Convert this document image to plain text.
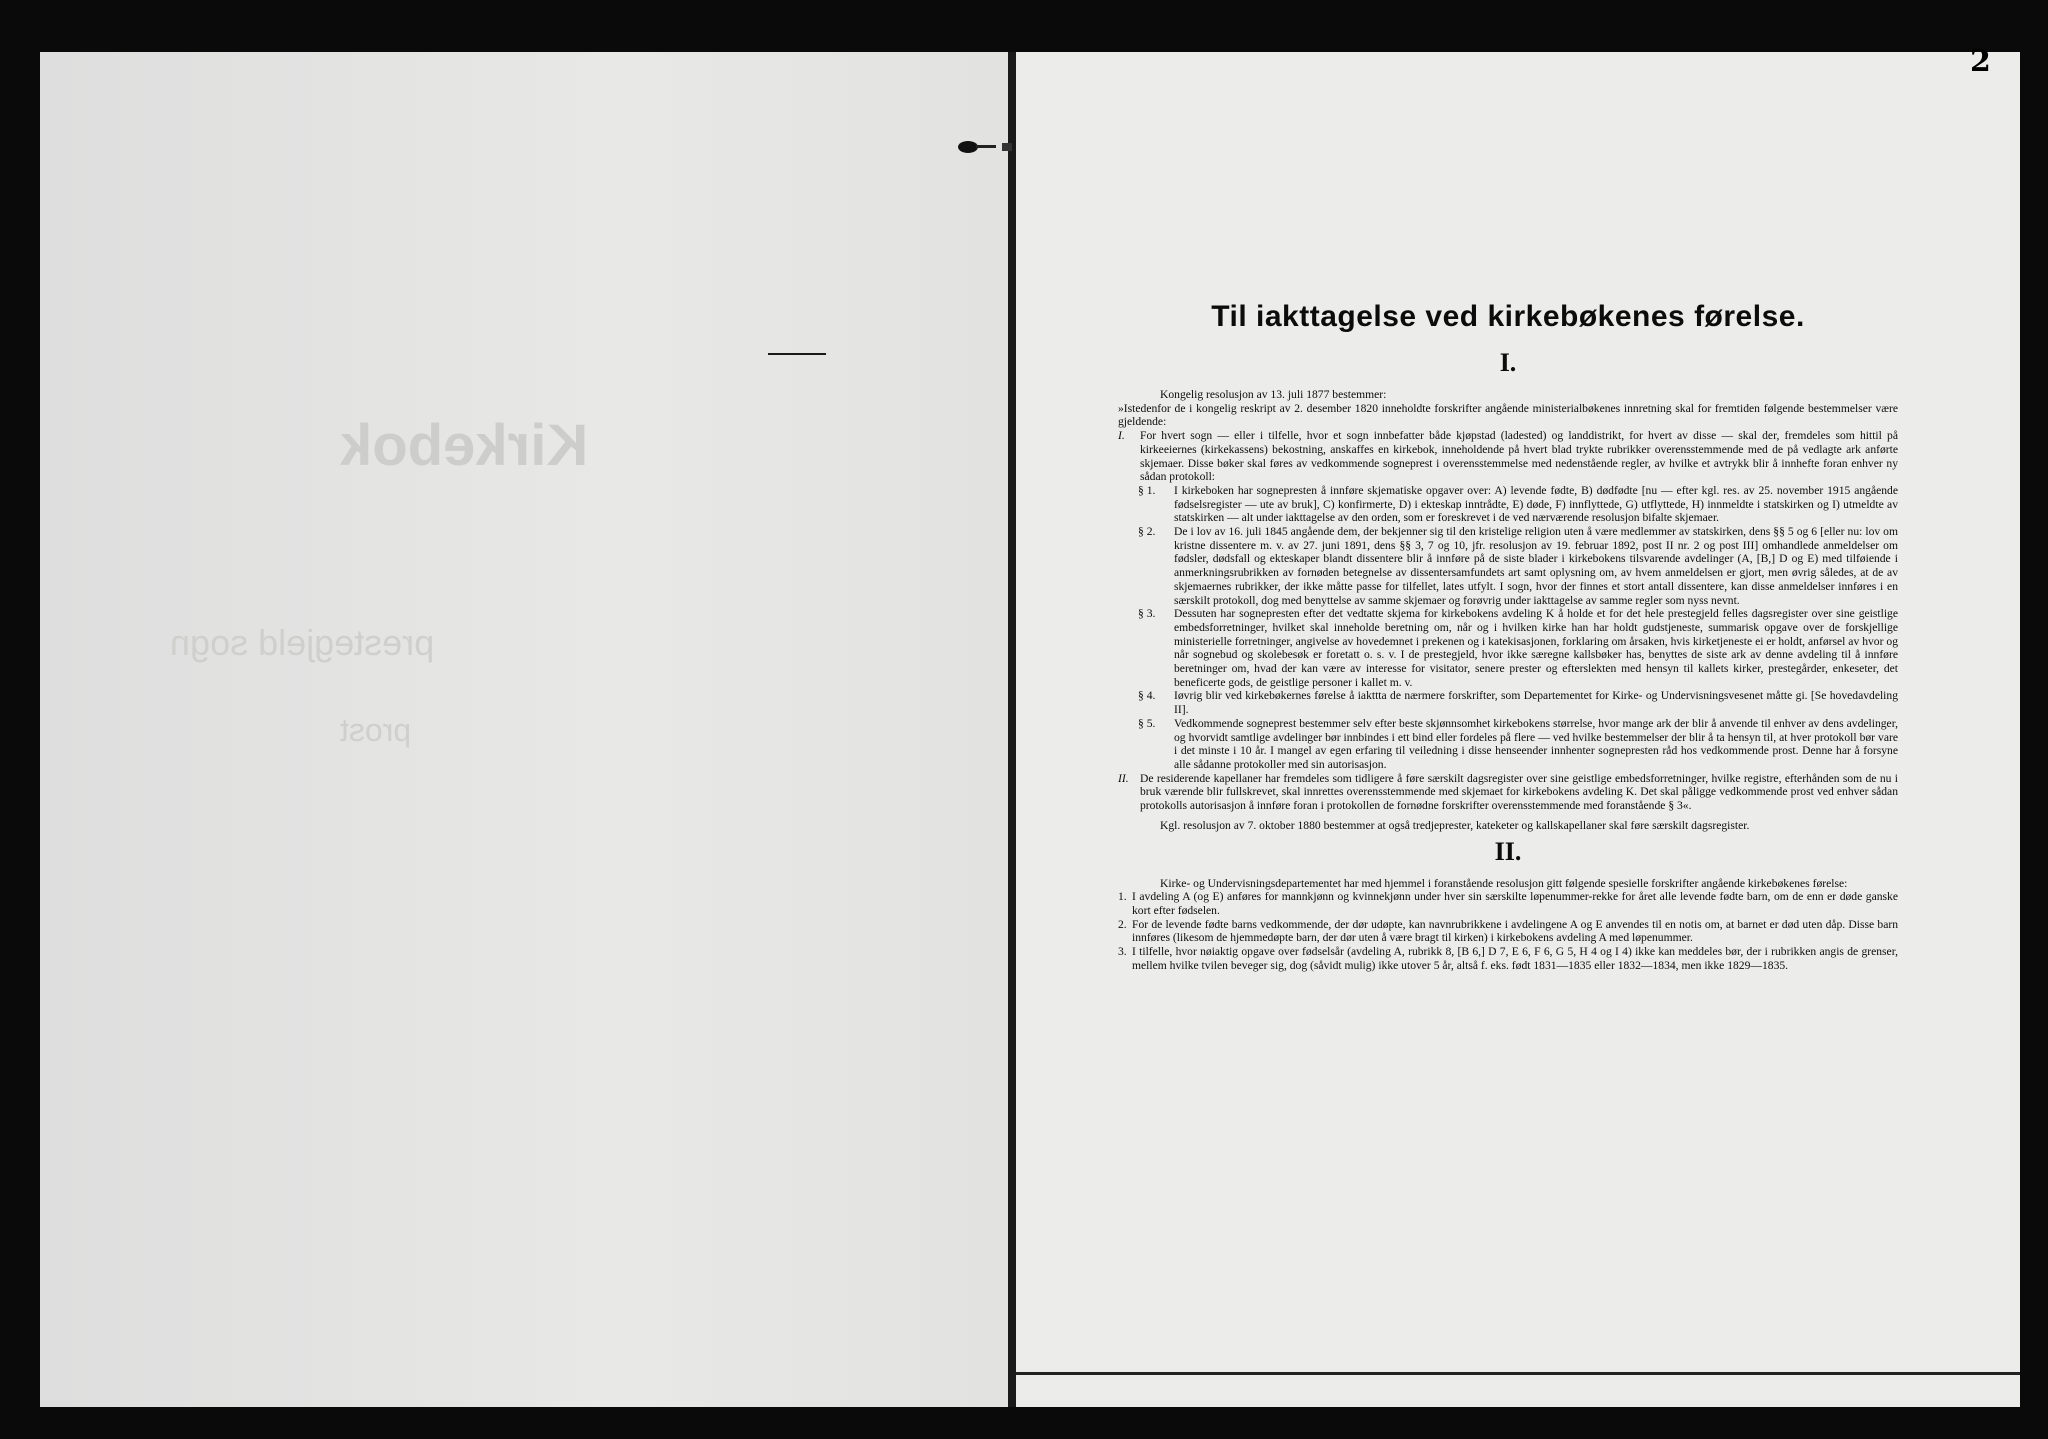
Kirkebok
prestegjeld sogn
prost
2
Til iakttagelse ved kirkebøkenes førelse.
I.

Kongelig resolusjon av 13. juli 1877 bestemmer:

»Istedenfor de i kongelig reskript av 2. desember 1820 inneholdte forskrifter angående ministerialbøkenes innretning skal for fremtiden følgende bestemmelser være gjeldende:

I.	For hvert sogn — eller i tilfelle, hvor et sogn innbefatter både kjøpstad (ladested) og landdistrikt, for hvert av disse — skal der, fremdeles som hittil på kirkeeiernes (kirkekassens) bekostning, anskaffes en kirkebok, inneholdende på hvert blad trykte rubrikker overensstemmende med de på vedlagte ark anførte skjemaer. Disse bøker skal føres av vedkommende sogneprest i overensstemmelse med nedenstående regler, av hvilke et avtrykk blir å innhefte foran enhver ny sådan protokoll:
§ 1.	I kirkeboken har sognepresten å innføre skjematiske opgaver over: A) levende fødte, B) dødfødte [nu — efter kgl. res. av 25. november 1915 angående fødselsregister — ute av bruk], C) konfirmerte, D) i ekteskap inntrådte, E) døde, F) innflyttede, G) utflyttede, H) innmeldte i statskirken og I) utmeldte av statskirken — alt under iakttagelse av den orden, som er foreskrevet i de ved nærværende resolusjon bifalte skjemaer.
§ 2.	De i lov av 16. juli 1845 angående dem, der bekjenner sig til den kristelige religion uten å være medlemmer av statskirken, dens §§ 5 og 6 [eller nu: lov om kristne dissentere m. v. av 27. juni 1891, dens §§ 3, 7 og 10, jfr. resolusjon av 19. februar 1892, post II nr. 2 og post III] omhandlede anmeldelser om fødsler, dødsfall og ekteskaper blandt dissentere blir å innføre på de siste blader i kirkebokens tilsvarende avdelinger (A, [B,] D og E) med tilføiende i anmerkningsrubrikken av fornøden betegnelse av dissentersamfundets art samt oplysning om, av hvem anmeldelsen er gjort, men øvrig således, at de av skjemaernes rubrikker, der ikke måtte passe for tilfellet, lates utfylt. I sogn, hvor der finnes et stort antall dissentere, kan disse anmeldelser innføres i en særskilt protokoll, dog med benyttelse av samme skjemaer og forøvrig under iakttagelse av samme regler som nyss nevnt.
§ 3.	Dessuten har sognepresten efter det vedtatte skjema for kirkebokens avdeling K å holde et for det hele prestegjeld felles dagsregister over sine geistlige embedsforretninger, hvilket skal inneholde beretning om, når og i hvilken kirke han har holdt gudstjeneste, summarisk opgave over de forskjellige ministerielle forretninger, angivelse av hovedemnet i prekenen og i katekisasjonen, forklaring om årsaken, hvis kirketjeneste ei er holdt, anførsel av hvor og når sognebud og skolebesøk er foretatt o. s. v. I de prestegjeld, hvor ikke særegne kallsbøker has, benyttes de siste ark av denne avdeling til å innføre beretninger om, hvad der kan være av interesse for visitator, senere prester og efterslekten med hensyn til kallets kirker, prestegårder, enkeseter, det beneficerte gods, de geistlige personer i kallet m. v.
§ 4.	Iøvrig blir ved kirkebøkernes førelse å iakttta de nærmere forskrifter, som Departementet for Kirke- og Undervisningsvesenet måtte gi. [Se hovedavdeling II].
§ 5.	Vedkommende sogneprest bestemmer selv efter beste skjønnsomhet kirkebokens størrelse, hvor mange ark der blir å anvende til enhver av dens avdelinger, og hvorvidt samtlige avdelinger bør innbindes i ett bind eller fordeles på flere — ved hvilke bestemmelser der blir å ta hensyn til, at hver protokoll bør vare i det minste i 10 år. I mangel av egen erfaring til veiledning i disse henseender innhenter sognepresten råd hos vedkommende prost. Denne har å forsyne alle sådanne protokoller med sin autorisasjon.
II. De residerende kapellaner har fremdeles som tidligere å føre særskilt dagsregister over sine geistlige embedsforretninger, hvilke registre, efterhånden som de nu i bruk værende blir fullskrevet, skal innrettes overensstemmende med skjemaet for kirkebokens avdeling K. Det skal påligge vedkommende prost ved enhver sådan protokolls autorisasjon å innføre foran i protokollen de fornødne forskrifter overensstemmende med foranstående § 3«.

Kgl. resolusjon av 7. oktober 1880 bestemmer at også tredjeprester, kateketer og kallskapellaner skal føre særskilt dagsregister.

II.

Kirke- og Undervisningsdepartementet har med hjemmel i foranstående resolusjon gitt følgende spesielle forskrifter angående kirkebøkenes førelse:

1. I avdeling A (og E) anføres for mannkjønn og kvinnekjønn under hver sin særskilte løpenummer-rekke for året alle levende fødte barn, om de enn er døde ganske kort efter fødselen.
2. For de levende fødte barns vedkommende, der dør udøpte, kan navnrubrikkene i avdelingene A og E anvendes til en notis om, at barnet er død uten dåp. Disse barn innføres (likesom de hjemmedøpte barn, der dør uten å være bragt til kirken) i kirkebokens avdeling A med løpenummer.
3. I tilfelle, hvor nøiaktig opgave over fødselsår (avdeling A, rubrikk 8, [B 6,] D 7, E 6, F 6, G 5, H 4 og I 4) ikke kan meddeles bør, der i rubrikken angis de grenser, mellem hvilke tvilen beveger sig, dog (såvidt mulig) ikke utover 5 år, altså f. eks. født 1831—1835 eller 1832—1834, men ikke 1829—1835.
